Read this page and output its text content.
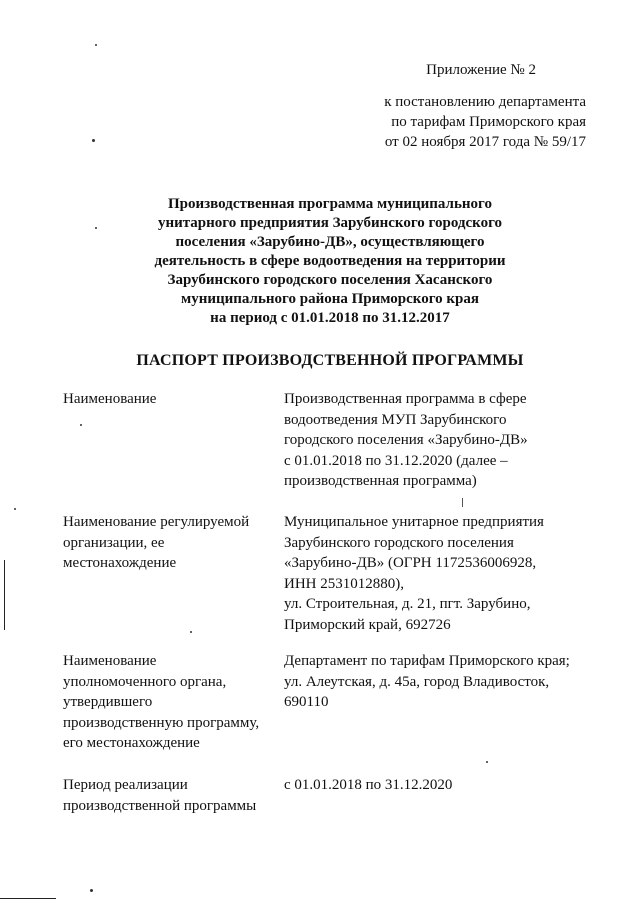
Приложение № 2
к постановлению департамента
по тарифам Приморского края
от 02 ноября 2017 года № 59/17
Производственная программа муниципального
унитарного предприятия Зарубинского городского
поселения «Зарубино-ДВ», осуществляющего
деятельность в сфере водоотведения на территории
Зарубинского городского поселения Хасанского
муниципального района Приморского края
на период с 01.01.2018 по 31.12.2017
ПАСПОРТ ПРОИЗВОДСТВЕННОЙ ПРОГРАММЫ
Наименование	Производственная программа в сфере
водоотведения МУП Зарубинского
городского поселения «Зарубино-ДВ»
с 01.01.2018 по 31.12.2020 (далее –
производственная программа)
Наименование регулируемой
организации, ее
местонахождение
Муниципальное унитарное предприятия
Зарубинского городского поселения
«Зарубино-ДВ» (ОГРН 1172536006928,
ИНН 2531012880),
ул. Строительная, д. 21, пгт. Зарубино,
Приморский край, 692726
Наименование
уполномоченного органа,
утвердившего
производственную программу,
его местонахождение
Департамент по тарифам Приморского края;
ул. Алеутская, д. 45а, город Владивосток,
690110
Период реализации
производственной программы
с 01.01.2018 по 31.12.2020
